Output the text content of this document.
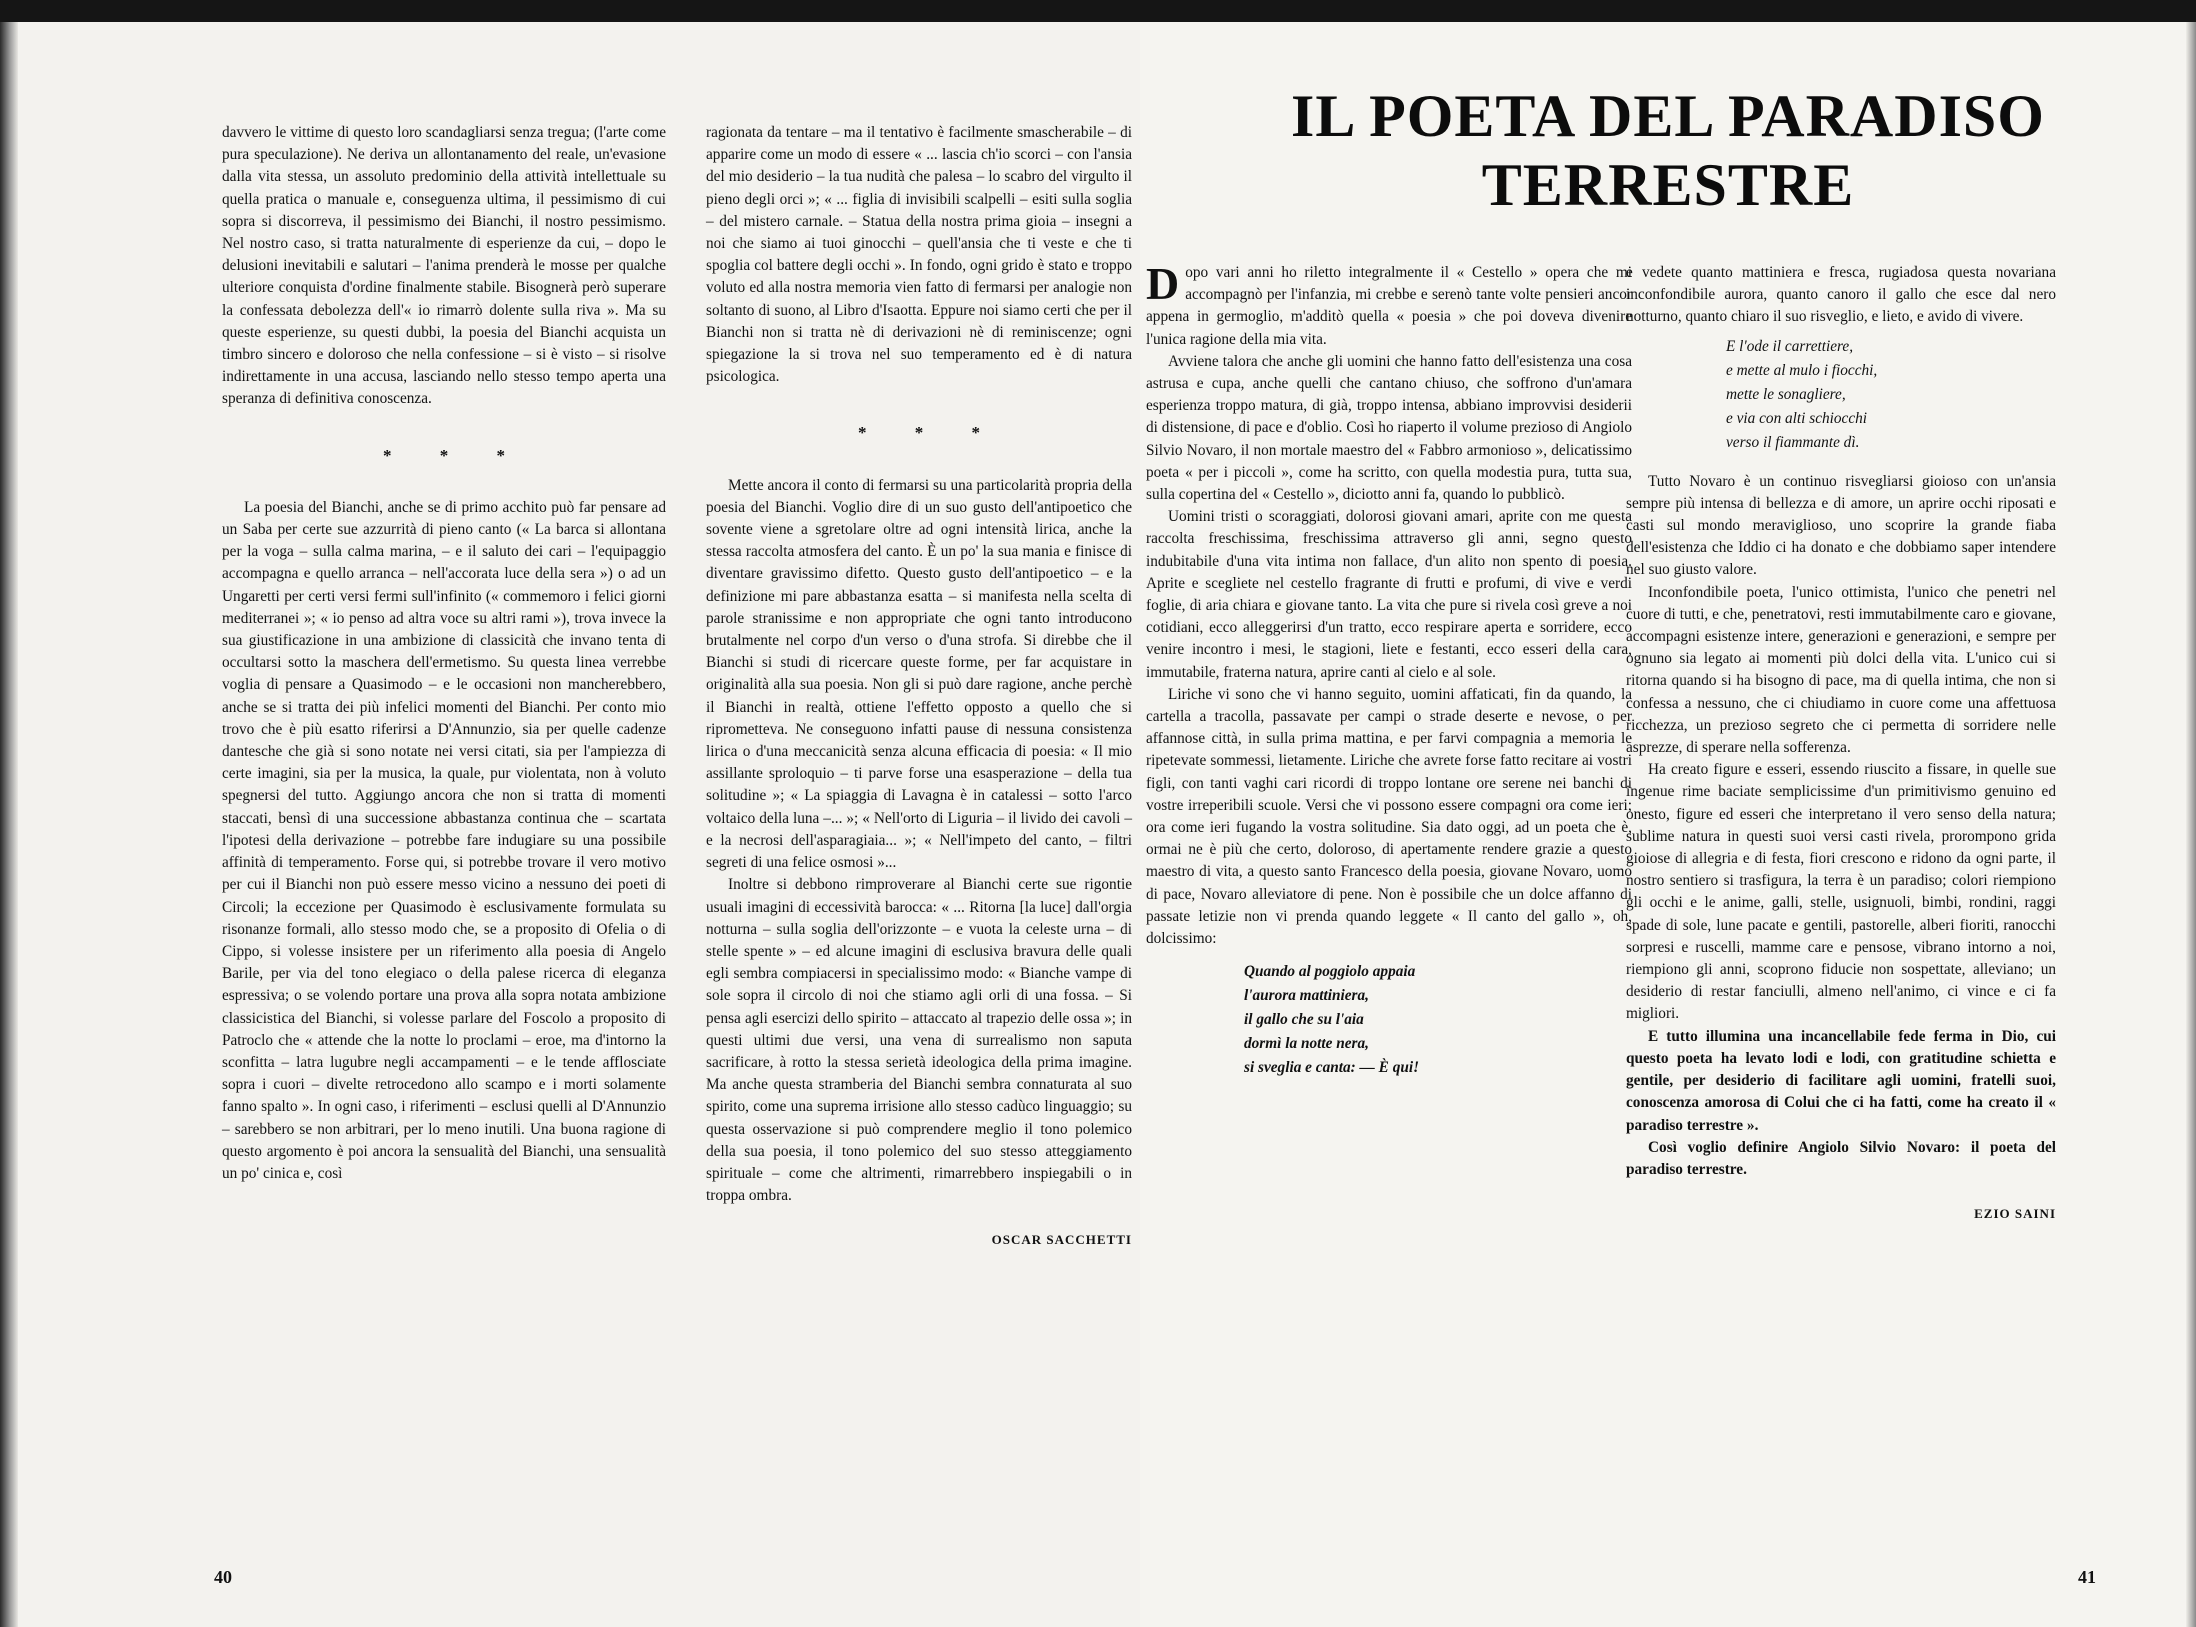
davvero le vittime di questo loro scandagliarsi senza tregua; (l'arte come pura speculazione). Ne deriva un allontanamento del reale, un'evasione dalla vita stessa, un assoluto predominio della attività intellettuale su quella pratica o manuale e, conseguenza ultima, il pessimismo di cui sopra si discorreva, il pessimismo dei Bianchi, il nostro pessimismo. Nel nostro caso, si tratta naturalmente di esperienze da cui, – dopo le delusioni inevitabili e salutari – l'anima prenderà le mosse per qualche ulteriore conquista d'ordine finalmente stabile. Bisognerà però superare la confessata debolezza dell'« io rimarrò dolente sulla riva ». Ma su queste esperienze, su questi dubbi, la poesia del Bianchi acquista un timbro sincero e doloroso che nella confessione – si è visto – si risolve indirettamente in una accusa, lasciando nello stesso tempo aperta una speranza di definitiva conoscenza.

* * *

La poesia del Bianchi, anche se di primo acchito può far pensare ad un Saba per certe sue azzurrità di pieno canto (« La barca si allontana per la voga – sulla calma marina, – e il saluto dei cari – l'equipaggio accompagna e quello arranca – nell'accorata luce della sera ») o ad un Ungaretti per certi versi fermi sull'infinito (« commemoro i felici giorni mediterranei »; « io penso ad altra voce su altri rami »), trova invece la sua giustificazione in una ambizione di classicità che invano tenta di occultarsi sotto la maschera dell'ermetismo. Su questa linea verrebbe voglia di pensare a Quasimodo – e le occasioni non mancherebbero, anche se si tratta dei più infelici momenti del Bianchi. Per conto mio trovo che è più esatto riferirsi a D'Annunzio, sia per quelle cadenze dantesche che già si sono notate nei versi citati, sia per l'ampiezza di certe imagini, sia per la musica, la quale, pur violentata, non à voluto spegnersi del tutto. Aggiungo ancora che non si tratta di momenti staccati, bensì di una successione abbastanza continua che – scartata l'ipotesi della derivazione – potrebbe fare indugiare su una possibile affinità di temperamento. Forse qui, si potrebbe trovare il vero motivo per cui il Bianchi non può essere messo vicino a nessuno dei poeti di Circoli; la eccezione per Quasimodo è esclusivamente formulata su risonanze formali, allo stesso modo che, se a proposito di Ofelia o di Cippo, si volesse insistere per un riferimento alla poesia di Angelo Barile, per via del tono elegiaco o della palese ricerca di eleganza espressiva; o se volendo portare una prova alla sopra notata ambizione classicistica del Bianchi, si volesse parlare del Foscolo a proposito di Patroclo che « attende che la notte lo proclami – eroe, ma d'intorno la sconfitta – latra lugubre negli accampamenti – e le tende afflosciate sopra i cuori – divelte retrocedono allo scampo e i morti solamente fanno spalto ». In ogni caso, i riferimenti – esclusi quelli al D'Annunzio – sarebbero se non arbitrari, per lo meno inutili. Una buona ragione di questo argomento è poi ancora la sensualità del Bianchi, una sensualità un po' cinica e, così

ragionata da tentare – ma il tentativo è facilmente smascherabile – di apparire come un modo di essere « ... lascia ch'io scorci – con l'ansia del mio desiderio – la tua nudità che palesa – lo scabro del virgulto il pieno degli orci »; « ... figlia di invisibili scalpelli – esiti sulla soglia – del mistero carnale. – Statua della nostra prima gioia – insegni a noi che siamo ai tuoi ginocchi – quell'ansia che ti veste e che ti spoglia col battere degli occhi ». In fondo, ogni grido è stato e troppo voluto ed alla nostra memoria vien fatto di fermarsi per analogie non soltanto di suono, al Libro d'Isaotta. Eppure noi siamo certi che per il Bianchi non si tratta nè di derivazioni nè di reminiscenze; ogni spiegazione la si trova nel suo temperamento ed è di natura psicologica.

* * *

Mette ancora il conto di fermarsi su una particolarità propria della poesia del Bianchi. Voglio dire di un suo gusto dell'antipoetico che sovente viene a sgretolare oltre ad ogni intensità lirica, anche la stessa raccolta atmosfera del canto. È un po' la sua mania e finisce di diventare gravissimo difetto. Questo gusto dell'antipoetico – e la definizione mi pare abbastanza esatta – si manifesta nella scelta di parole stranissime e non appropriate che ogni tanto introducono brutalmente nel corpo d'un verso o d'una strofa. Si direbbe che il Bianchi si studi di ricercare queste forme, per far acquistare in originalità alla sua poesia. Non gli si può dare ragione, anche perchè il Bianchi in realtà, ottiene l'effetto opposto a quello che si riprometteva. Ne conseguono infatti pause di nessuna consistenza lirica o d'una meccanicità senza alcuna efficacia di poesia: « Il mio assillante sproloquio – ti parve forse una esasperazione – della tua solitudine »; « La spiaggia di Lavagna è in catalessi – sotto l'arco voltaico della luna –... »; « Nell'orto di Liguria – il livido dei cavoli – e la necrosi dell'asparagiaia... »; « Nell'impeto del canto, – filtri segreti di una felice osmosi »...

Inoltre si debbono rimproverare al Bianchi certe sue rigontie usuali imagini di eccessività barocca: « ... Ritorna [la luce] dall'orgia notturna – sulla soglia dell'orizzonte – e vuota la celeste urna – di stelle spente » – ed alcune imagini di esclusiva bravura delle quali egli sembra compiacersi in specialissimo modo: « Bianche vampe di sole sopra il circolo di noi che stiamo agli orli di una fossa. – Si pensa agli esercizi dello spirito – attaccato al trapezio delle ossa »; in questi ultimi due versi, una vena di surrealismo non saputa sacrificare, à rotto la stessa serietà ideologica della prima imagine. Ma anche questa stramberia del Bianchi sembra connaturata al suo spirito, come una suprema irrisione allo stesso cadùco linguaggio; su questa osservazione si può comprendere meglio il tono polemico della sua poesia, il tono polemico del suo stesso atteggiamento spirituale – come che altrimenti, rimarrebbero inspiegabili o in troppa ombra.

OSCAR SACCHETTI
40
IL POETA DEL PARADISO TERRESTRE

Dopo vari anni ho riletto integralmente il « Cestello » opera che mi accompagnò per l'infanzia, mi crebbe e serenò tante volte pensieri ancor appena in germoglio, m'additò quella « poesia » che poi doveva divenire l'unica ragione della mia vita.

Avviene talora che anche gli uomini che hanno fatto dell'esistenza una cosa astrusa e cupa, anche quelli che cantano chiuso, che soffrono d'un'amara esperienza troppo matura, di già, troppo intensa, abbiano improvvisi desiderii di distensione, di pace e d'oblio. Così ho riaperto il volume prezioso di Angiolo Silvio Novaro, il non mortale maestro del « Fabbro armonioso », delicatissimo poeta « per i piccoli », come ha scritto, con quella modestia pura, tutta sua, sulla copertina del « Cestello », diciotto anni fa, quando lo pubblicò.

Uomini tristi o scoraggiati, dolorosi giovani amari, aprite con me questa raccolta freschissima, freschissima attraverso gli anni, segno questo indubitabile d'una vita intima non fallace, d'un alito non spento di poesia. Aprite e scegliete nel cestello fragrante di frutti e profumi, di vive e verdi foglie, di aria chiara e giovane tanto. La vita che pure si rivela così greve a noi cotidiani, ecco alleggerirsi d'un tratto, ecco respirare aperta e sorridere, ecco venire incontro i mesi, le stagioni, liete e festanti, ecco esseri della cara, immutabile, fraterna natura, aprire canti al cielo e al sole.

Liriche vi sono che vi hanno seguito, uomini affaticati, fin da quando, la cartella a tracolla, passavate per campi o strade deserte e nevose, o per affannose città, in sulla prima mattina, e per farvi compagnia a memoria le ripetevate sommessi, lietamente. Liriche che avrete forse fatto recitare ai vostri figli, con tanti vaghi cari ricordi di troppo lontane ore serene nei banchi di vostre irreperibili scuole. Versi che vi possono essere compagni ora come ieri; ora come ieri fugando la vostra solitudine. Sia dato oggi, ad un poeta che è, ormai ne è più che certo, doloroso, di apertamente rendere grazie a questo maestro di vita, a questo santo Francesco della poesia, giovane Novaro, uomo di pace, Novaro alleviatore di pene. Non è possibile che un dolce affanno di passate letizie non vi prenda quando leggete « Il canto del gallo », oh, dolcissimo:

Quando al poggiolo appaia
l'aurora mattiniera,
il gallo che su l'aia
dormì la notte nera,
si sveglia e canta: — È qui!

e vedete quanto mattiniera e fresca, rugiadosa questa novariana inconfondibile aurora, quanto canoro il gallo che esce dal nero notturno, quanto chiaro il suo risveglio, e lieto, e avido di vivere.

E l'ode il carrettiere,
e mette al mulo i fiocchi,
mette le sonagliere,
e via con alti schiocchi
verso il fiammante dì.

Tutto Novaro è un continuo risvegliarsi gioioso con un'ansia sempre più intensa di bellezza e di amore, un aprire occhi riposati e casti sul mondo meraviglioso, uno scoprire la grande fiaba dell'esistenza che Iddio ci ha donato e che dobbiamo saper intendere nel suo giusto valore.

Inconfondibile poeta, l'unico ottimista, l'unico che penetri nel cuore di tutti, e che, penetratovi, resti immutabilmente caro e giovane, accompagni esistenze intere, generazioni e generazioni, e sempre per ognuno sia legato ai momenti più dolci della vita. L'unico cui si ritorna quando si ha bisogno di pace, ma di quella intima, che non si confessa a nessuno, che ci chiudiamo in cuore come una affettuosa ricchezza, un prezioso segreto che ci permetta di sorridere nelle asprezze, di sperare nella sofferenza.

Ha creato figure e esseri, essendo riuscito a fissare, in quelle sue ingenue rime baciate semplicissime d'un primitivismo genuino ed onesto, figure ed esseri che interpretano il vero senso della natura; sublime natura in questi suoi versi casti rivela, prorompono grida gioiose di allegria e di festa, fiori crescono e ridono da ogni parte, il nostro sentiero si trasfigura, la terra è un paradiso; colori riempiono gli occhi e le anime, galli, stelle, usignuoli, bimbi, rondini, raggi spade di sole, lune pacate e gentili, pastorelle, alberi fioriti, ranocchi sorpresi e ruscelli, mamme care e pensose, vibrano intorno a noi, riempiono gli anni, scoprono fiducie non sospettate, alleviano; un desiderio di restar fanciulli, almeno nell'animo, ci vince e ci fa migliori.

E tutto illumina una incancellabile fede ferma in Dio, cui questo poeta ha levato lodi e lodi, con gratitudine schietta e gentile, per desiderio di facilitare agli uomini, fratelli suoi, conoscenza amorosa di Colui che ci ha fatti, come ha creato il « paradiso terrestre ».

Così voglio definire Angiolo Silvio Novaro: il poeta del paradiso terrestre.

EZIO SAINI
41
